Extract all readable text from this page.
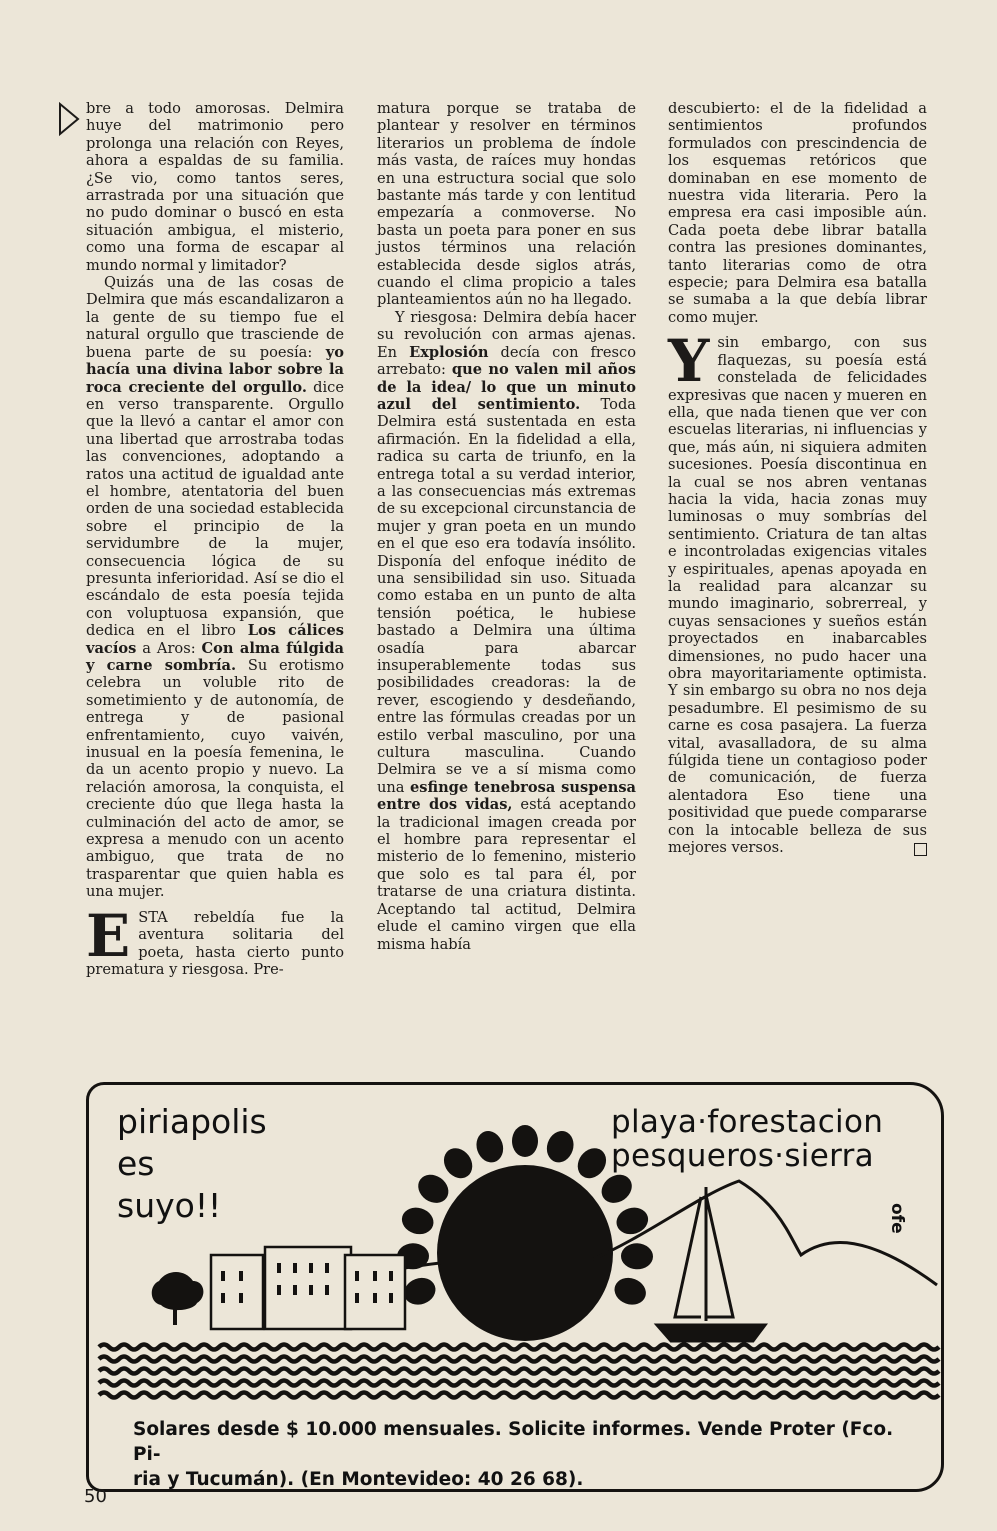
bre a todo amorosas. Delmira huye del matrimonio pero prolonga una relación con Reyes, ahora a espaldas de su familia. ¿Se vio, como tantos seres, arrastrada por una situación que no pudo dominar o buscó en esta situación ambigua, el misterio, como una forma de escapar al mundo normal y limitador?

Quizás una de las cosas de Delmira que más escandalizaron a la gente de su tiempo fue el natural orgullo que trasciende de buena parte de su poesía: yo hacía una divina labor sobre la roca creciente del orgullo. dice en verso transparente. Orgullo que la llevó a cantar el amor con una libertad que arrostraba todas las convenciones, adoptando a ratos una actitud de igualdad ante el hombre, atentatoria del buen orden de una sociedad establecida sobre el principio de la servidumbre de la mujer, consecuencia lógica de su presunta inferioridad. Así se dio el escándalo de esta poesía tejida con voluptuosa expansión, que dedica en el libro Los cálices vacíos a Aros: Con alma fúlgida y carne sombría. Su erotismo celebra un voluble rito de sometimiento y de autonomía, de entrega y de pasional enfrentamiento, cuyo vaivén, inusual en la poesía femenina, le da un acento propio y nuevo. La relación amorosa, la conquista, el creciente dúo que llega hasta la culminación del acto de amor, se expresa a menudo con un acento ambiguo, que trata de no trasparentar que quien habla es una mujer.

ESTA rebeldía fue la aventura solitaria del poeta, hasta cierto punto prematura y riesgosa. Pre-

matura porque se trataba de plantear y resolver en términos literarios un problema de índole más vasta, de raíces muy hondas en una estructura social que solo bastante más tarde y con lentitud empezaría a conmoverse. No basta un poeta para poner en sus justos términos una relación establecida desde siglos atrás, cuando el clima propicio a tales planteamientos aún no ha llegado.

Y riesgosa: Delmira debía hacer su revolución con armas ajenas. En Explosión decía con fresco arrebato: que no valen mil años de la idea/ lo que un minuto azul del sentimiento. Toda Delmira está sustentada en esta afirmación. En la fidelidad a ella, radica su carta de triunfo, en la entrega total a su verdad interior, a las consecuencias más extremas de su excepcional circunstancia de mujer y gran poeta en un mundo en el que eso era todavía insólito. Disponía del enfoque inédito de una sensibilidad sin uso. Situada como estaba en un punto de alta tensión poética, le hubiese bastado a Delmira una última osadía para abarcar insuperablemente todas sus posibilidades creadoras: la de rever, escogiendo y desdeñando, entre las fórmulas creadas por un estilo verbal masculino, por una cultura masculina. Cuando Delmira se ve a sí misma como una esfinge tenebrosa suspensa entre dos vidas, está aceptando la tradicional imagen creada por el hombre para representar el misterio de lo femenino, misterio que solo es tal para él, por tratarse de una criatura distinta. Aceptando tal actitud, Delmira elude el camino virgen que ella misma había

descubierto: el de la fidelidad a sentimientos profundos formulados con prescindencia de los esquemas retóricos que dominaban en ese momento de nuestra vida literaria. Pero la empresa era casi imposible aún. Cada poeta debe librar batalla contra las presiones dominantes, tanto literarias como de otra especie; para Delmira esa batalla se sumaba a la que debía librar como mujer.

Y sin embargo, con sus flaquezas, su poesía está constelada de felicidades expresivas que nacen y mueren en ella, que nada tienen que ver con escuelas literarias, ni influencias y que, más aún, ni siquiera admiten sucesiones. Poesía discontinua en la cual se nos abren ventanas hacia la vida, hacia zonas muy luminosas o muy sombrías del sentimiento. Criatura de tan altas e incontroladas exigencias vitales y espirituales, apenas apoyada en la realidad para alcanzar su mundo imaginario, sobrerreal, y cuyas sensaciones y sueños están proyectados en inabarcables dimensiones, no pudo hacer una obra mayoritariamente optimista. Y sin embargo su obra no nos deja pesadumbre. El pesimismo de su carne es cosa pasajera. La fuerza vital, avasalladora, de su alma fúlgida tiene un contagioso poder de comunicación, de fuerza alentadora Eso tiene una positividad que puede compararse con la intocable belleza de sus mejores versos.

piriapolis
es
suyo!!
playa·forestacion
pesqueros·sierra
ofe
Solares desde $ 10.000 mensuales. Solicite informes. Vende Proter (Fco. Pi-
ria y Tucumán). (En Montevideo: 40 26 68).
50
